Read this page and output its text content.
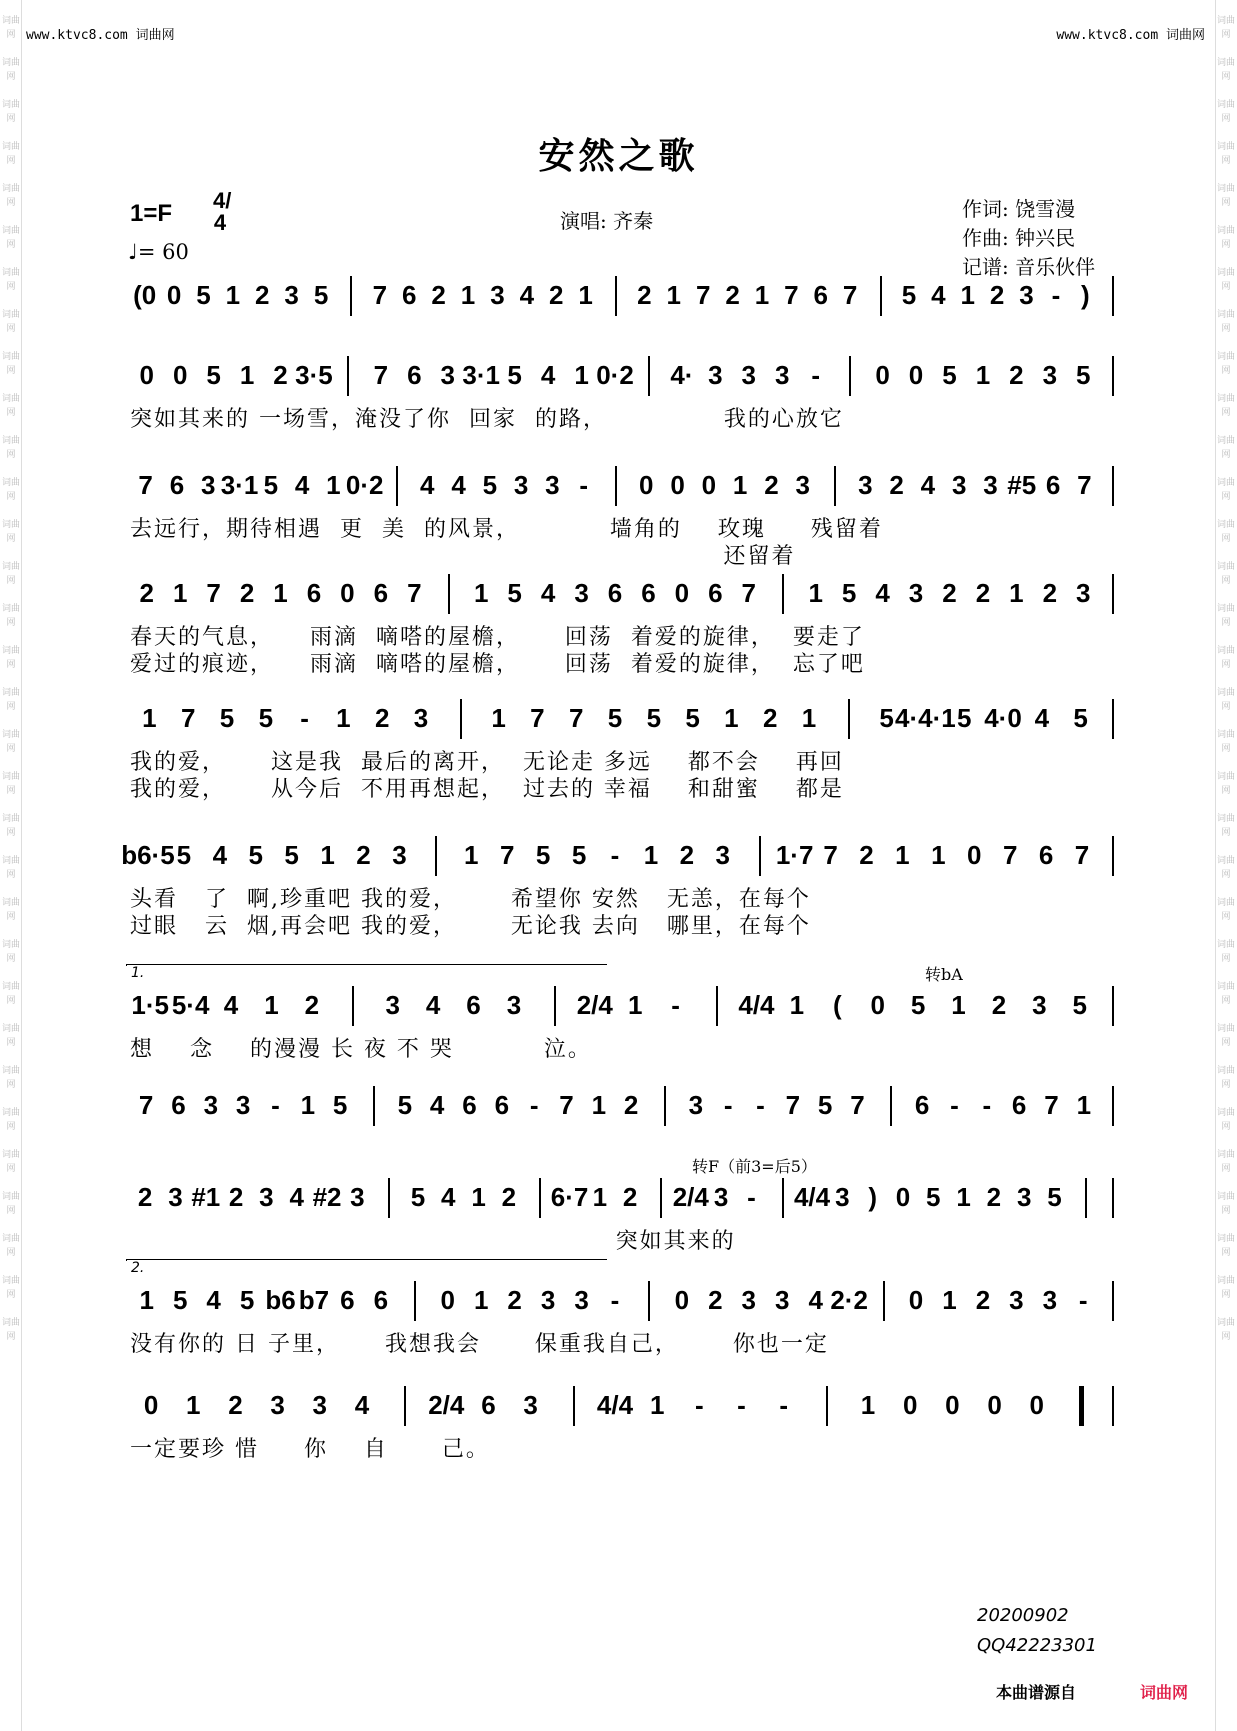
词曲网
词曲网
词曲网
词曲网
词曲网
词曲网
词曲网
词曲网
词曲网
词曲网
词曲网
词曲网
词曲网
词曲网
词曲网
词曲网
词曲网
词曲网
词曲网
词曲网
词曲网
词曲网
词曲网
词曲网
词曲网
词曲网
词曲网
词曲网
词曲网
词曲网
词曲网
词曲网
词曲网
词曲网
词曲网
词曲网
词曲网
词曲网
词曲网
词曲网
词曲网
词曲网
词曲网
词曲网
词曲网
词曲网
词曲网
词曲网
词曲网
词曲网
词曲网
词曲网
词曲网
词曲网
词曲网
词曲网
词曲网
词曲网
词曲网
词曲网
词曲网
词曲网
词曲网
词曲网
www.ktvc8.com 词曲网	www.ktvc8.com 词曲网
安然之歌
1=F 4/4
♩= 60
演唱: 齐秦	作词: 饶雪漫
作曲: 钟兴民
记谱: 音乐伙伴
(0 0 5 1 2 3 5 7 6 2 1 3 4 2 1 2 1 7 2 1 7 6 7 5 4 1 2 3 - )
0 0 5 1 2 3·5 7 6 3 3·1 5 4 1 0·2 4· 3 3 3 - 0 0 5 1 2 3 5
突如其来的 一场雪，淹没了你  回家  的路，             我的心放它
7 6 3 3·1 5 4 1 0·2 4 4 5 3 3 - 0 0 0 1 2 3 3 2 4 3 3 #5 6 7
去远行，期待相遇  更  美  的风景，          墙角的    玫瑰     残留着
还留着
2 1 7 2 1 6 0 6 7 1 5 4 3 6 6 0 6 7 1 5 4 3 2 2 1 2 3
春天的气息，    雨滴  嘀嗒的屋檐，     回荡  着爱的旋律，  要走了
爱过的痕迹，    雨滴  嘀嗒的屋檐，     回荡  着爱的旋律，  忘了吧
1 7 5 5 - 1 2 3 1 7 7 5 5 5 1 2 1 5 4·4·1 5 4·0 4 5
我的爱，     这是我  最后的离开，  无论走 多远    都不会    再回
我的爱，     从今后  不用再想起，  过去的 幸福    和甜蜜    都是
b6·5 5 4 5 5 1 2 3 1 7 5 5 - 1 2 3 1·7 7 2 1 1 0 7 6 7
头看   了  啊,珍重吧 我的爱，      希望你 安然   无恙，在每个
过眼   云  烟,再会吧 我的爱，      无论我 去向   哪里，在每个
1·5 5·4 4 1 2	3 4 6 3 2/4 1 - 4/4 1 ( 0 5 1 2 3 5
想    念    的漫漫 长 夜 不 哭          泣。
1.	转bA
7 6 3 3 - 1 5 5 4 6 6 - 7 1 2 3 - - 7 5 7 6 - - 6 7 1
2 3 #1 2 3 4 #2 3 5 4 1 2 6·7 1 2 2/4 3 - 4/4 3 ) 0 5 1 2 3 5
突如其来的
转F（前3=后5）
1 5 4 5 b6 b7 6 6 0 1 2 3 3 - 0 2 3 3 4 2·2 0 1 2 3 3 -
没有你的 日 子里，     我想我会      保重我自己，      你也一定
2.
0 1 2 3 3 4 2/4 6 3 4/4 1 - - -	1 0 0 0 0
一定要珍 惜     你    自      己。
20200902
QQ42223301
本曲谱源自	词曲网
